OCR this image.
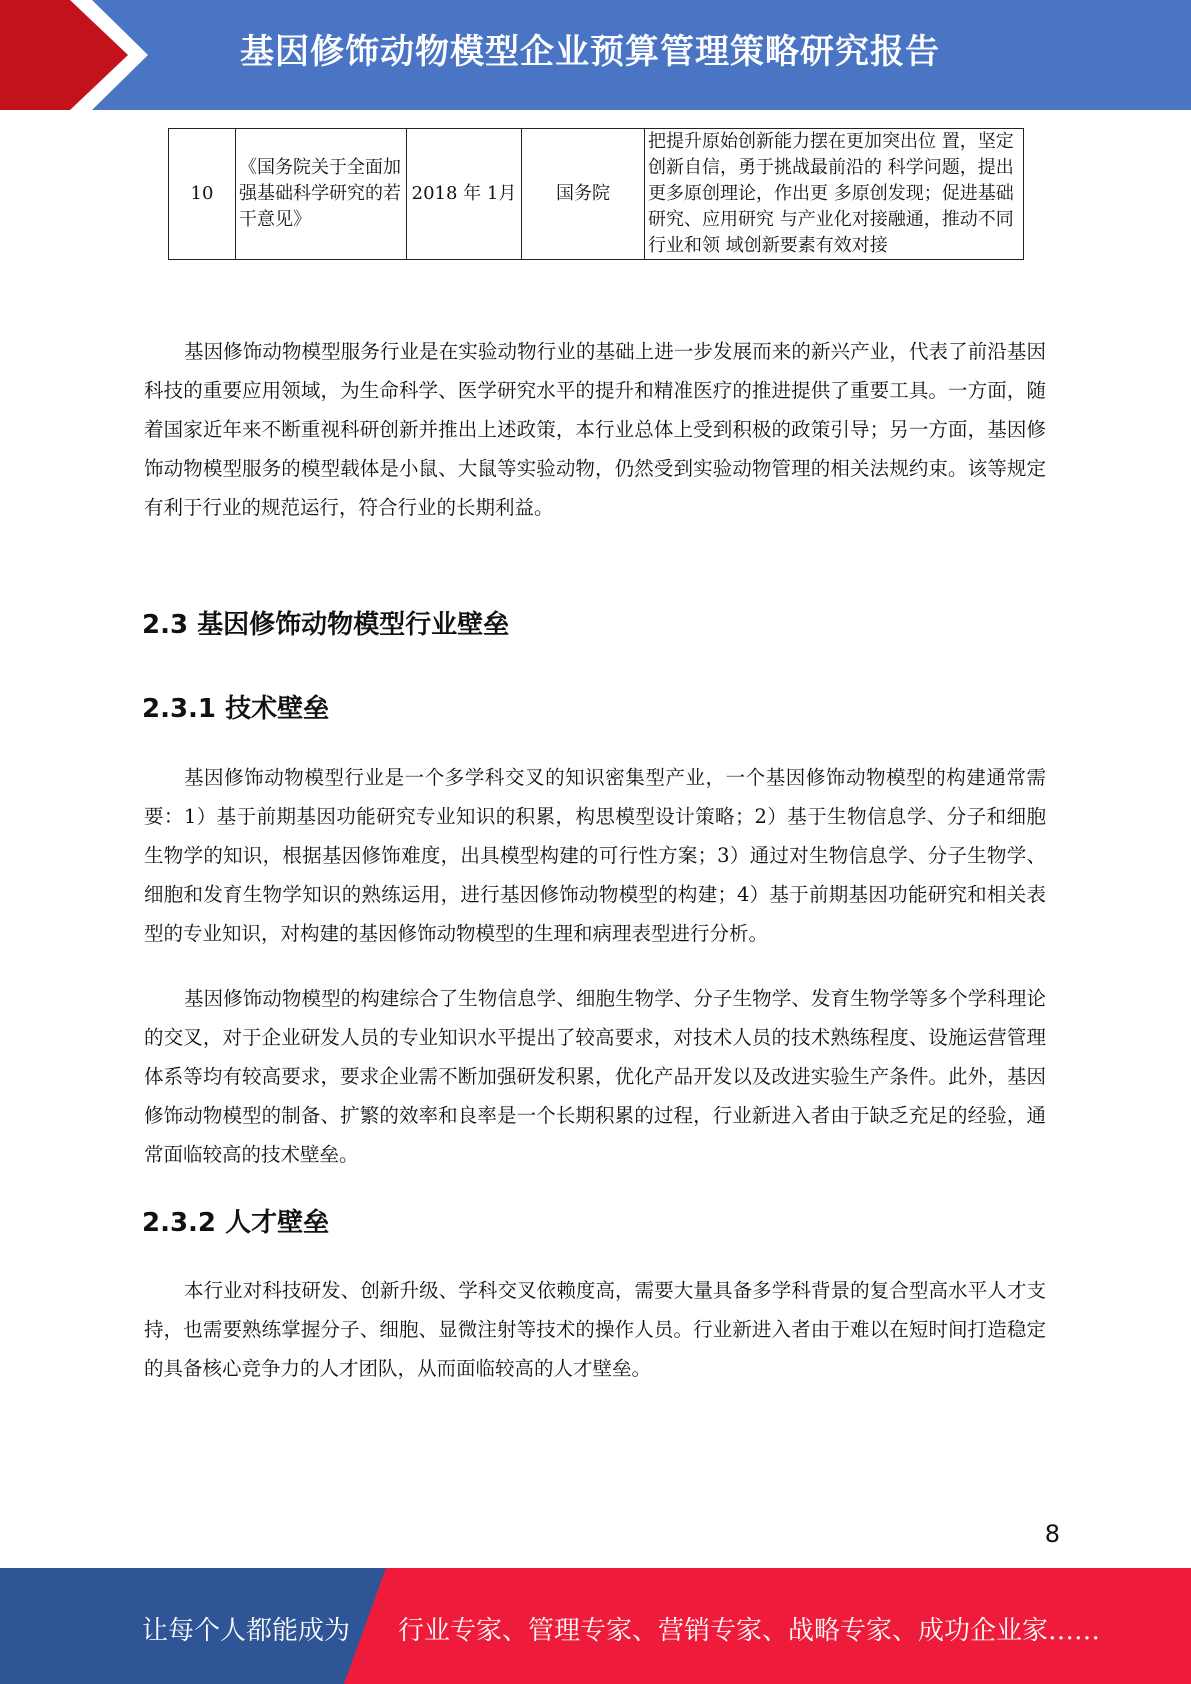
基因修饰动物模型企业预算管理策略研究报告
10	《国务院关于全面加强基础科学研究的若干意见》	2018 年 1月	国务院	把提升原始创新能力摆在更加突出位 置，坚定创新自信，勇于挑战最前沿的 科学问题，提出更多原创理论，作出更 多原创发现；促进基础研究、应用研究 与产业化对接融通，推动不同行业和领 域创新要素有效对接

基因修饰动物模型服务行业是在实验动物行业的基础上进一步发展而来的新兴产业，代表了前沿基因科技的重要应用领域，为生命科学、医学研究水平的提升和精准医疗的推进提供了重要工具。一方面，随着国家近年来不断重视科研创新并推出上述政策，本行业总体上受到积极的政策引导；另一方面，基因修饰动物模型服务的模型载体是小鼠、大鼠等实验动物，仍然受到实验动物管理的相关法规约束。该等规定有利于行业的规范运行，符合行业的长期利益。

2.3 基因修饰动物模型行业壁垒
2.3.1 技术壁垒

基因修饰动物模型行业是一个多学科交叉的知识密集型产业，一个基因修饰动物模型的构建通常需要：1）基于前期基因功能研究专业知识的积累，构思模型设计策略；2）基于生物信息学、分子和细胞生物学的知识，根据基因修饰难度，出具模型构建的可行性方案；3）通过对生物信息学、分子生物学、细胞和发育生物学知识的熟练运用，进行基因修饰动物模型的构建；4）基于前期基因功能研究和相关表型的专业知识，对构建的基因修饰动物模型的生理和病理表型进行分析。

基因修饰动物模型的构建综合了生物信息学、细胞生物学、分子生物学、发育生物学等多个学科理论的交叉，对于企业研发人员的专业知识水平提出了较高要求，对技术人员的技术熟练程度、设施运营管理体系等均有较高要求，要求企业需不断加强研发积累，优化产品开发以及改进实验生产条件。此外，基因修饰动物模型的制备、扩繁的效率和良率是一个长期积累的过程，行业新进入者由于缺乏充足的经验，通常面临较高的技术壁垒。

2.3.2 人才壁垒

本行业对科技研发、创新升级、学科交叉依赖度高，需要大量具备多学科背景的复合型高水平人才支持，也需要熟练掌握分子、细胞、显微注射等技术的操作人员。行业新进入者由于难以在短时间打造稳定的具备核心竞争力的人才团队，从而面临较高的人才壁垒。

8
让每个人都能成为 行业专家、管理专家、营销专家、战略专家、成功企业家……
